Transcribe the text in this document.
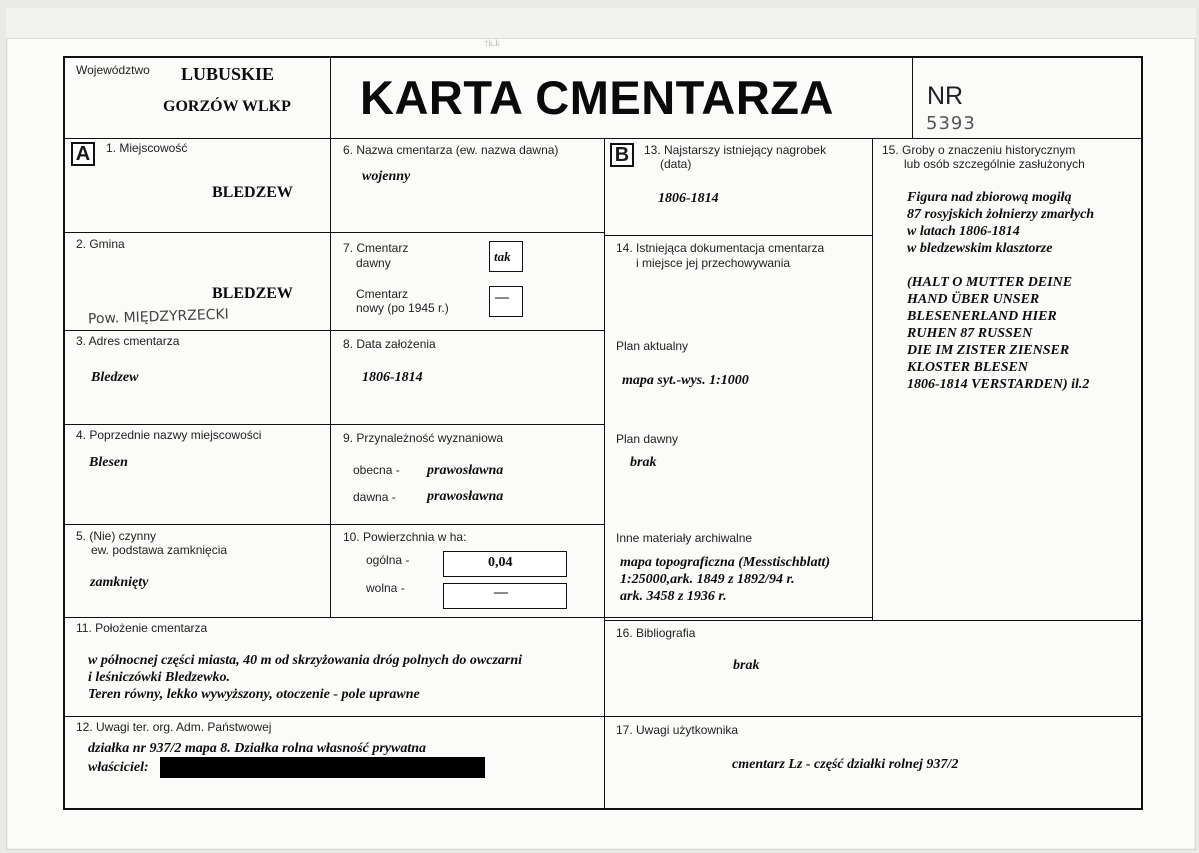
†k.k
Województwo LUBUSKIE
GORZÓW WLKP KARTA CMENTARZA	NR
5393
A	1. Miejscowość
BLEDZEW
2. Gmina
BLEDZEW
Pow. MIĘDZYRZECKI
3. Adres cmentarza
Bledzew
4. Poprzednie nazwy miejscowości
Blesen
5. (Nie) czynny
ew. podstawa zamknięcia
zamknięty
6. Nazwa cmentarza (ew. nazwa dawna)
wojenny
7. Cmentarz
dawny	tak
Cmentarz
nowy (po 1945 r.)
—
8. Data założenia
1806-1814
9. Przynależność wyznaniowa
obecna - prawosławna
dawna - prawosławna
10. Powierzchnia w ha:
ogólna -	0,04
wolna -	—
B	13. Najstarszy istniejący nagrobek
(data)
1806-1814
14. Istniejąca dokumentacja cmentarza
i miejsce jej przechowywania
Plan aktualny
mapa syt.-wys. 1:1000
Plan dawny
brak
Inne materiały archiwalne
mapa topograficzna (Messtischblatt)
1:25000,ark. 1849 z 1892/94 r.
ark. 3458 z 1936 r.
15. Groby o znaczeniu historycznym
lub osób szczególnie zasłużonych
Figura nad zbiorową mogiłą
87 rosyjskich żołnierzy zmarłych
w latach 1806-1814
w bledzewskim klasztorze
(HALT O MUTTER DEINE
HAND ÜBER UNSER
BLESENERLAND HIER
RUHEN 87 RUSSEN
DIE IM ZISTER ZIENSER
KLOSTER BLESEN
1806-1814 VERSTARDEN) il.2
11. Położenie cmentarza
w północnej części miasta, 40 m od skrzyżowania dróg polnych do owczarni
i leśniczówki Bledzewko.
Teren równy, lekko wywyższony, otoczenie - pole uprawne
16. Bibliografia
brak
12. Uwagi ter. org. Adm. Państwowej
działka nr 937/2 mapa 8. Działka rolna własność prywatna
właściciel:
17. Uwagi użytkownika
cmentarz Lz - część działki rolnej 937/2
